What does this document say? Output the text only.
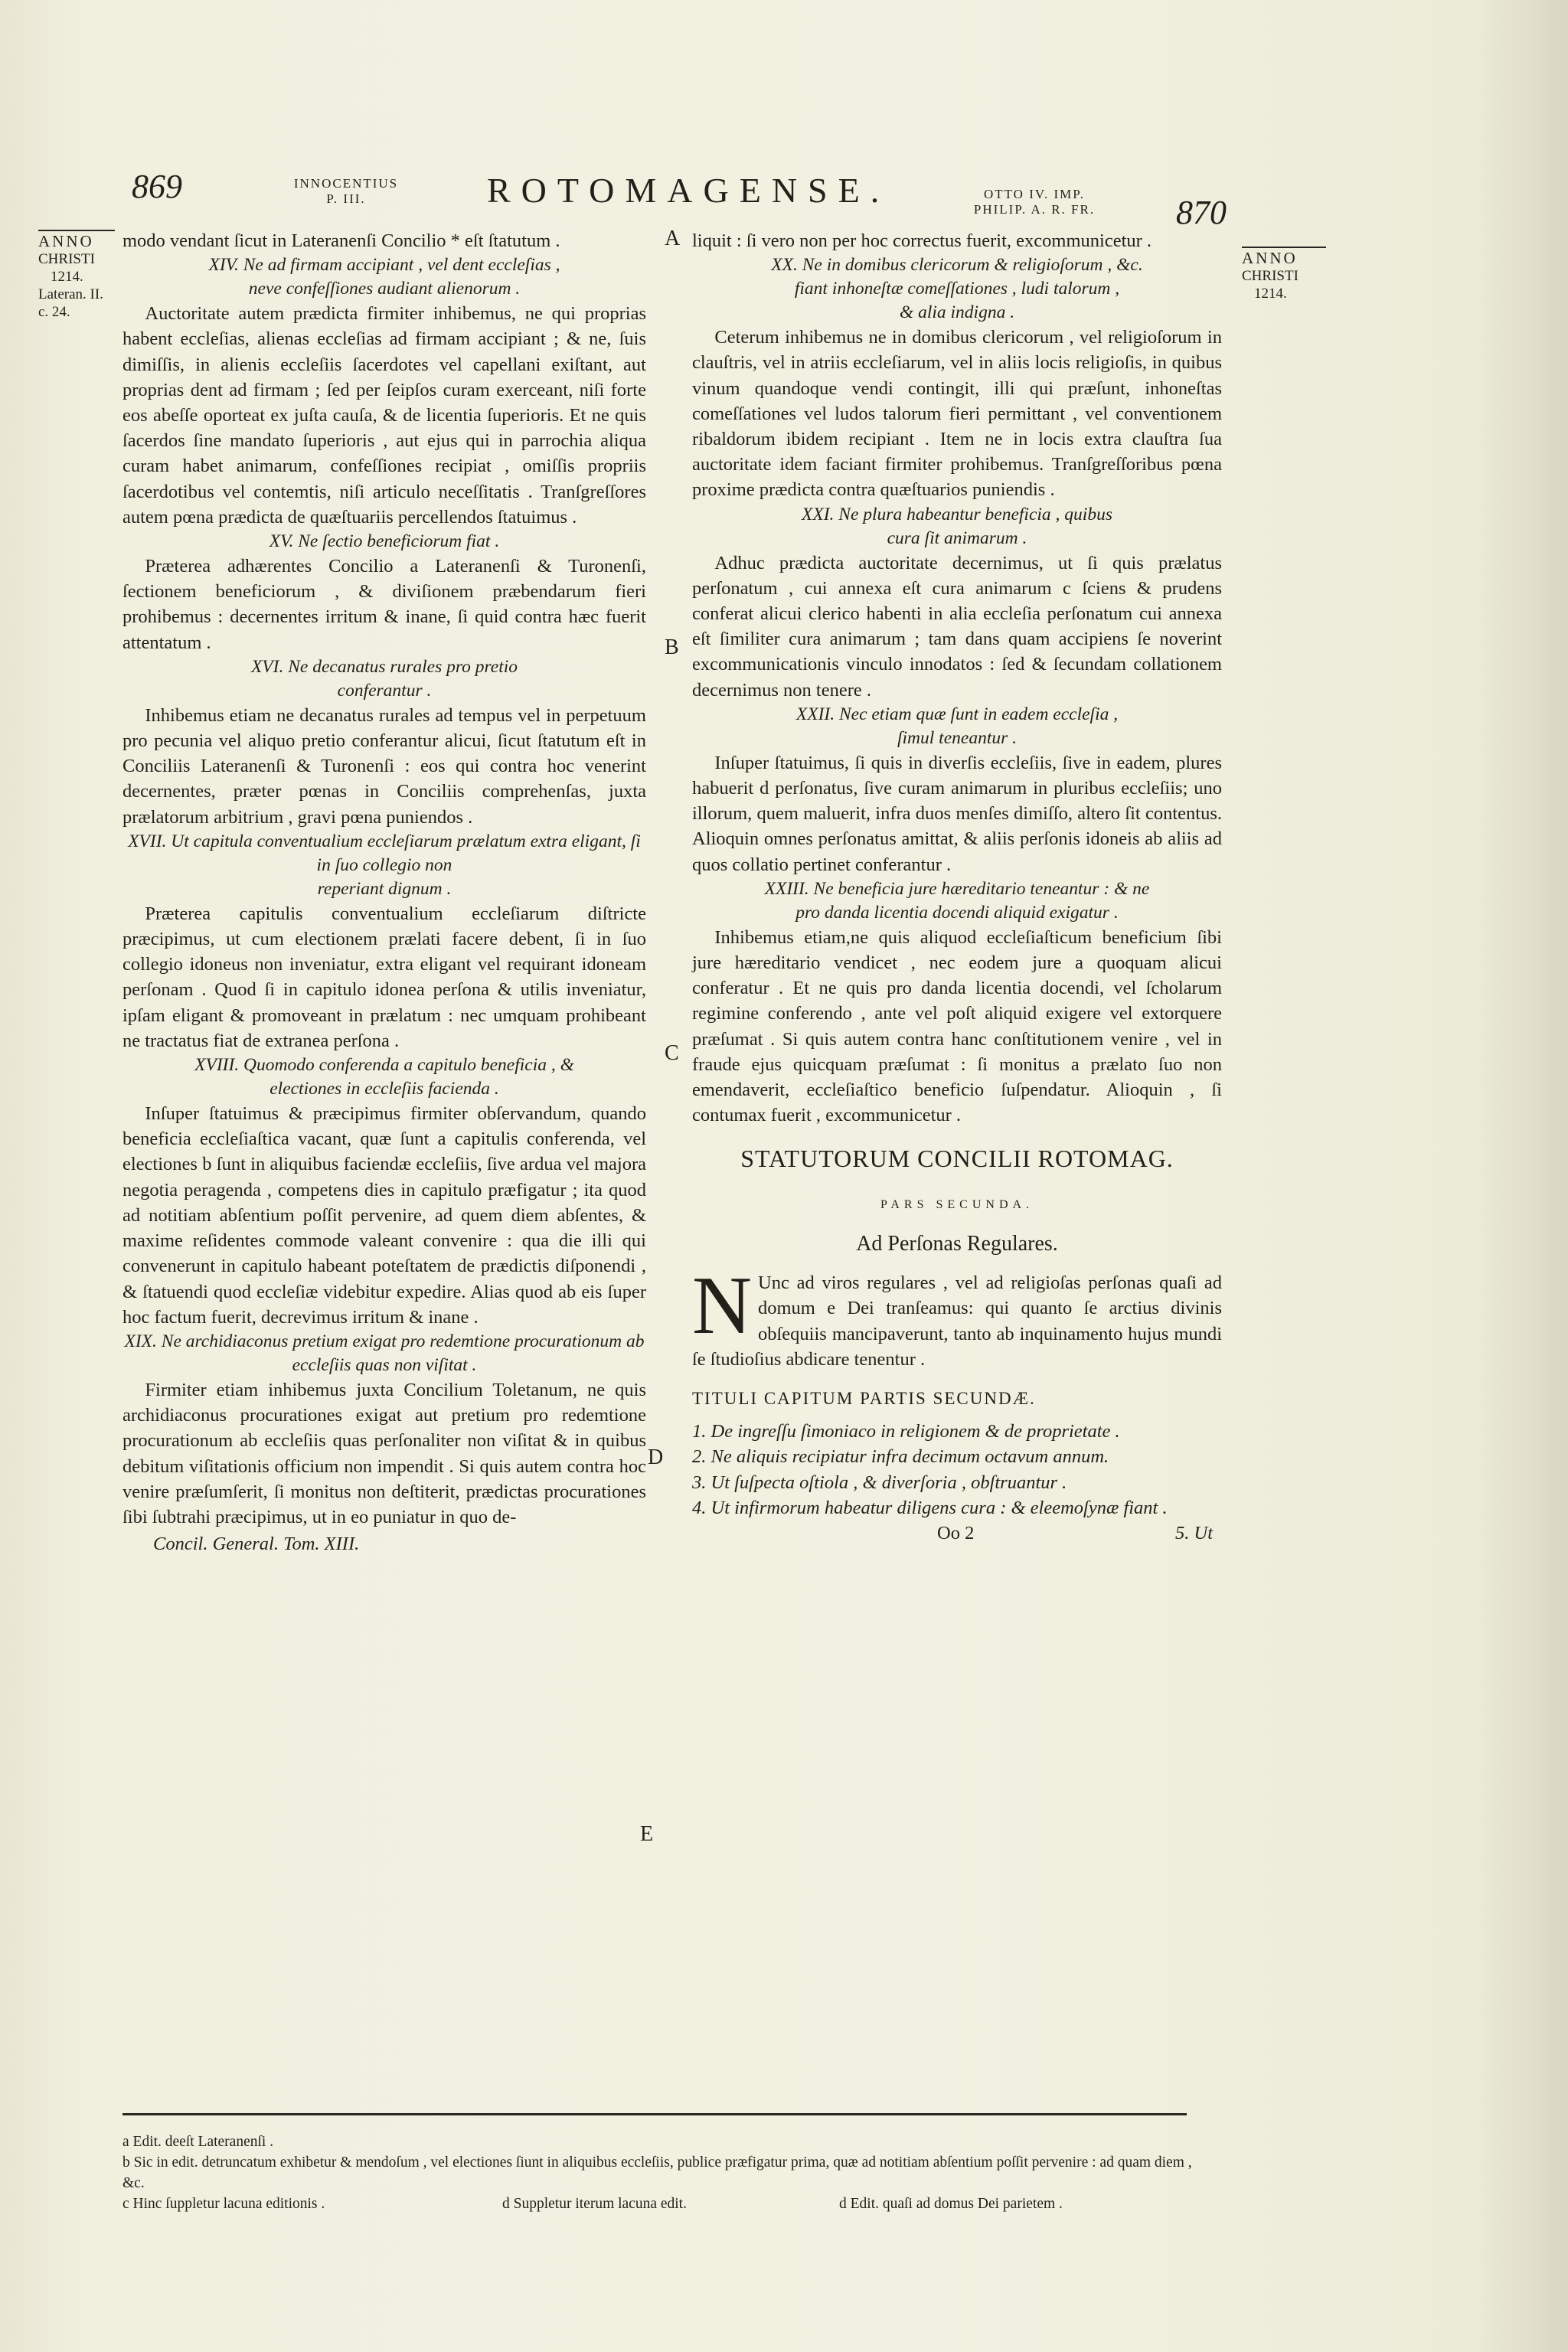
869	INNOCENTIUS
P. III.	ROTOMAGENSE.	OTTO IV. IMP.
PHILIP. A. R. FR.	870
ANNO
CHRISTI
1214.
Lateran. II.
c. 24.
ANNO
CHRISTI
1214.
A
B
C
D
E

modo vendant ſicut in Lateranenſi Concilio * eſt ſtatutum .

XIV. Ne ad firmam accipiant , vel dent eccleſias ,
neve confeſſiones audiant alienorum .

Auctoritate autem prædicta firmiter inhibemus, ne qui proprias habent eccleſias, alienas eccleſias ad firmam accipiant ; & ne, ſuis dimiſſis, in alienis eccleſiis ſacerdotes vel capellani exiſtant, aut proprias dent ad firmam ; ſed per ſeipſos curam exerceant, niſi forte eos abeſſe oporteat ex juſta cauſa, & de licentia ſuperioris. Et ne quis ſacerdos ſine mandato ſuperioris , aut ejus qui in parrochia aliqua curam habet animarum, confeſſiones recipiat , omiſſis propriis ſacerdotibus vel contemtis, niſi articulo neceſſitatis . Tranſgreſſores autem pœna prædicta de quæſtuariis percellendos ſtatuimus .

XV. Ne ſectio beneficiorum fiat .

Præterea adhærentes Concilio a Lateranenſi & Turonenſi, ſectionem beneficiorum , & diviſionem præbendarum fieri prohibemus : decernentes irritum & inane, ſi quid contra hæc fuerit attentatum .

XVI. Ne decanatus rurales pro pretio
conferantur .

Inhibemus etiam ne decanatus rurales ad tempus vel in perpetuum pro pecunia vel aliquo pretio conferantur alicui, ſicut ſtatutum eſt in Conciliis Lateranenſi & Turonenſi : eos qui contra hoc venerint decernentes, præter pœnas in Conciliis comprehenſas, juxta prælatorum arbitrium , gravi pœna puniendos .

XVII. Ut capitula conventualium eccleſiarum prælatum extra eligant, ſi in ſuo collegio non
reperiant dignum .

Præterea capitulis conventualium eccleſiarum diſtricte præcipimus, ut cum electionem prælati facere debent, ſi in ſuo collegio idoneus non inveniatur, extra eligant vel requirant idoneam perſonam . Quod ſi in capitulo idonea perſona & utilis inveniatur, ipſam eligant & promoveant in prælatum : nec umquam prohibeant ne tractatus fiat de extranea perſona .

XVIII. Quomodo conferenda a capitulo beneficia , &
electiones in eccleſiis facienda .

Inſuper ſtatuimus & præcipimus firmiter obſervandum, quando beneficia eccleſiaſtica vacant, quæ ſunt a capitulis conferenda, vel electiones b ſunt in aliquibus faciendæ eccleſiis, ſive ardua vel majora negotia peragenda , competens dies in capitulo præfigatur ; ita quod ad notitiam abſentium poſſit pervenire, ad quem diem abſentes, & maxime reſidentes commode valeant convenire : qua die illi qui convenerunt in capitulo habeant poteſtatem de prædictis diſponendi , & ſtatuendi quod eccleſiæ videbitur expedire. Alias quod ab eis ſuper hoc factum fuerit, decrevimus irritum & inane .

XIX. Ne archidiaconus pretium exigat pro redemtione procurationum ab eccleſiis quas non viſitat .

Firmiter etiam inhibemus juxta Concilium Toletanum, ne quis archidiaconus procurationes exigat aut pretium pro redemtione procurationum ab eccleſiis quas perſonaliter non viſitat & in quibus debitum viſitationis officium non impendit . Si quis autem contra hoc venire præſumſerit, ſi monitus non deſtiterit, prædictas procurationes ſibi ſubtrahi præcipimus, ut in eo puniatur in quo de-

Concil. General. Tom. XIII.

liquit : ſi vero non per hoc correctus fuerit, excommunicetur .

XX. Ne in domibus clericorum & religioſorum , &c.
fiant inhoneſtæ comeſſationes , ludi talorum ,
& alia indigna .

Ceterum inhibemus ne in domibus clericorum , vel religioſorum in clauſtris, vel in atriis eccleſiarum, vel in aliis locis religioſis, in quibus vinum quandoque vendi contingit, illi qui præſunt, inhoneſtas comeſſationes vel ludos talorum fieri permittant , vel conventionem ribaldorum ibidem recipiant . Item ne in locis extra clauſtra ſua auctoritate idem faciant firmiter prohibemus. Tranſgreſſoribus pœna proxime prædicta contra quæſtuarios puniendis .

XXI. Ne plura habeantur beneficia , quibus
cura ſit animarum .

Adhuc prædicta auctoritate decernimus, ut ſi quis prælatus perſonatum , cui annexa eſt cura animarum c ſciens & prudens conferat alicui clerico habenti in alia eccleſia perſonatum cui annexa eſt ſimiliter cura animarum ; tam dans quam accipiens ſe noverint excommunicationis vinculo innodatos : ſed & ſecundam collationem decernimus non tenere .

XXII. Nec etiam quæ ſunt in eadem eccleſia ,
ſimul teneantur .

Inſuper ſtatuimus, ſi quis in diverſis eccleſiis, ſive in eadem, plures habuerit d perſonatus, ſive curam animarum in pluribus eccleſiis; uno illorum, quem maluerit, infra duos menſes dimiſſo, altero ſit contentus. Alioquin omnes perſonatus amittat, & aliis perſonis idoneis ab aliis ad quos collatio pertinet conferantur .

XXIII. Ne beneficia jure hæreditario teneantur : & ne
pro danda licentia docendi aliquid exigatur .

Inhibemus etiam,ne quis aliquod eccleſiaſticum beneficium ſibi jure hæreditario vendicet , nec eodem jure a quoquam alicui conferatur . Et ne quis pro danda licentia docendi, vel ſcholarum regimine conferendo , ante vel poſt aliquid exigere vel extorquere præſumat . Si quis autem contra hanc conſtitutionem venire , vel in fraude ejus quicquam præſumat : ſi monitus a prælato ſuo non emendaverit, eccleſiaſtico beneficio ſuſpendatur. Alioquin , ſi contumax fuerit , excommunicetur .

STATUTORUM CONCILII ROTOMAG.
PARS SECUNDA.
Ad Perſonas Regulares.
N Unc ad viros regulares , vel ad religioſas perſonas quaſi ad domum e Dei tranſeamus: qui quanto ſe arctius divinis obſequiis mancipaverunt, tanto ab inquinamento hujus mundi ſe ſtudioſius abdicare tenentur .

TITULI CAPITUM PARTIS SECUNDÆ.
1. De ingreſſu ſimoniaco in religionem & de proprietate .
2. Ne aliquis recipiatur infra decimum octavum annum.
3. Ut ſuſpecta oſtiola , & diverſoria , obſtruantur .
4. Ut infirmorum habeatur diligens cura : & eleemoſynæ fiant .
Oo 2	5. Ut
a Edit. deeſt Lateranenſi .
b Sic in edit. detruncatum exhibetur & mendoſum , vel electiones ſiunt in aliquibus eccleſiis, publice præfigatur prima, quæ ad notitiam abſentium poſſit pervenire : ad quam diem , &c.
c Hinc ſuppletur lacuna editionis .	d Suppletur iterum lacuna edit.	d Edit. quaſi ad domus Dei parietem .
